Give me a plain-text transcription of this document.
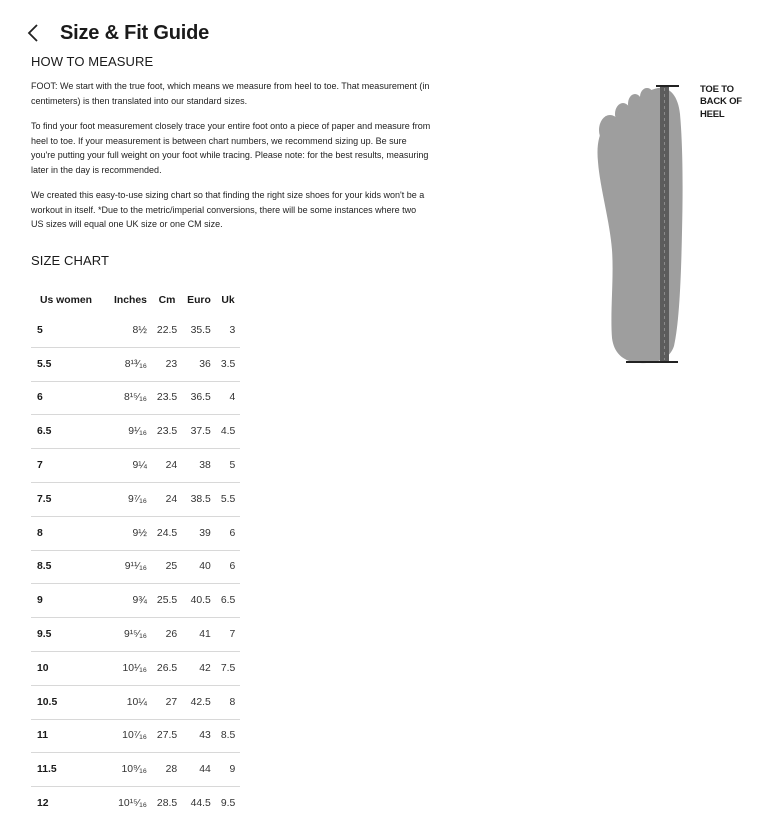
Size & Fit Guide
HOW TO MEASURE
FOOT: We start with the true foot, which means we measure from heel to toe. That measurement (in centimeters) is then translated into our standard sizes.
To find your foot measurement closely trace your entire foot onto a piece of paper and measure from heel to toe. If your measurement is between chart numbers, we recommend sizing up. Be sure you're putting your full weight on your foot while tracing. Please note: for the best results, measuring later in the day is recommended.
We created this easy-to-use sizing chart so that finding the right size shoes for your kids won't be a workout in itself. *Due to the metric/imperial conversions, there will be some instances where two US sizes will equal one UK size or one CM size.
SIZE CHART
Us women	Inches	Cm	Euro	Uk
5	8½	22.5	35.5	3
5.5	8¹³⁄₁₆	23	36	3.5
6	8¹⁵⁄₁₆	23.5	36.5	4
6.5	9¹⁄₁₆	23.5	37.5	4.5
7	9¼	24	38	5
7.5	9⁷⁄₁₆	24	38.5	5.5
8	9½	24.5	39	6
8.5	9¹¹⁄₁₆	25	40	6
9	9¾	25.5	40.5	6.5
9.5	9¹⁵⁄₁₆	26	41	7
10	10¹⁄₁₆	26.5	42	7.5
10.5	10¼	27	42.5	8
11	10⁷⁄₁₆	27.5	43	8.5
11.5	10⁹⁄₁₆	28	44	9
12	10¹⁵⁄₁₆	28.5	44.5	9.5
TOE TO
BACK OF
HEEL
